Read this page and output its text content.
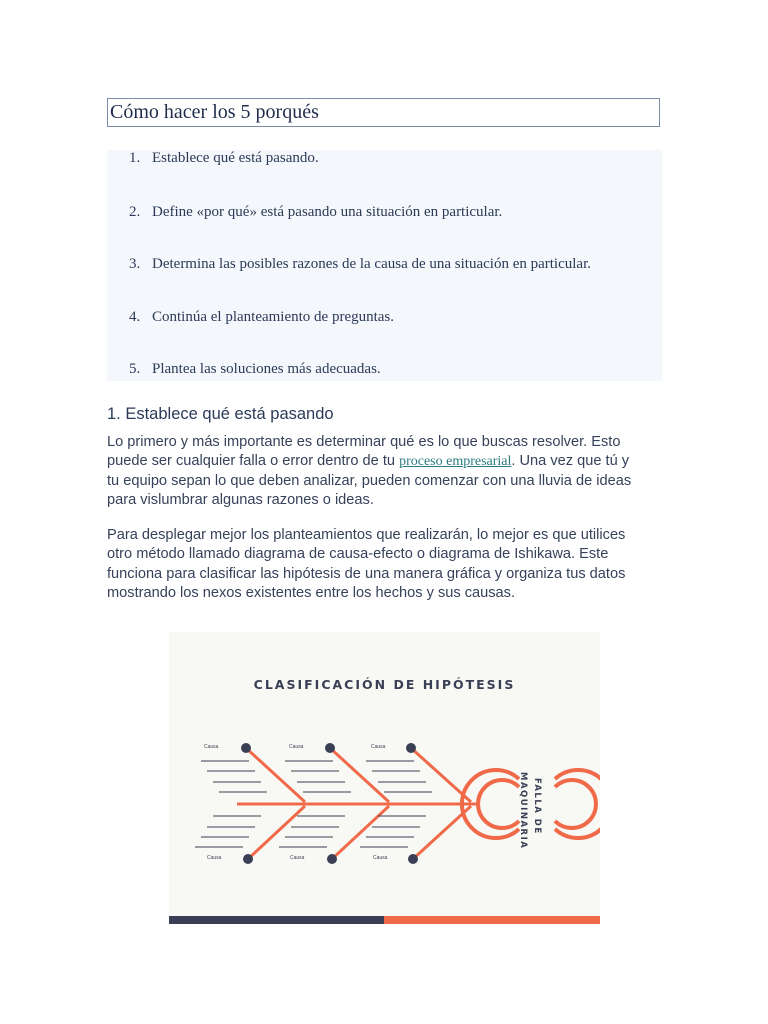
Cómo hacer los 5 porqués
1. Establece qué está pasando.
2. Define «por qué» está pasando una situación en particular.
3. Determina las posibles razones de la causa de una situación en particular.
4. Continúa el planteamiento de preguntas.
5. Plantea las soluciones más adecuadas.
1. Establece qué está pasando
Lo primero y más importante es determinar qué es lo que buscas resolver. Esto
puede ser cualquier falla o error dentro de tu proceso empresarial. Una vez que tú y
tu equipo sepan lo que deben analizar, pueden comenzar con una lluvia de ideas
para vislumbrar algunas razones o ideas.
Para desplegar mejor los planteamientos que realizarán, lo mejor es que utilices
otro método llamado diagrama de causa-efecto o diagrama de Ishikawa. Este
funciona para clasificar las hipótesis de una manera gráfica y organiza tus datos
mostrando los nexos existentes entre los hechos y sus causas.
CLASIFICACIÓN DE HIPÓTESIS
Causa	Causa	Causa
Causa	Causa	Causa
FALLA DE
MAQUINARIA
